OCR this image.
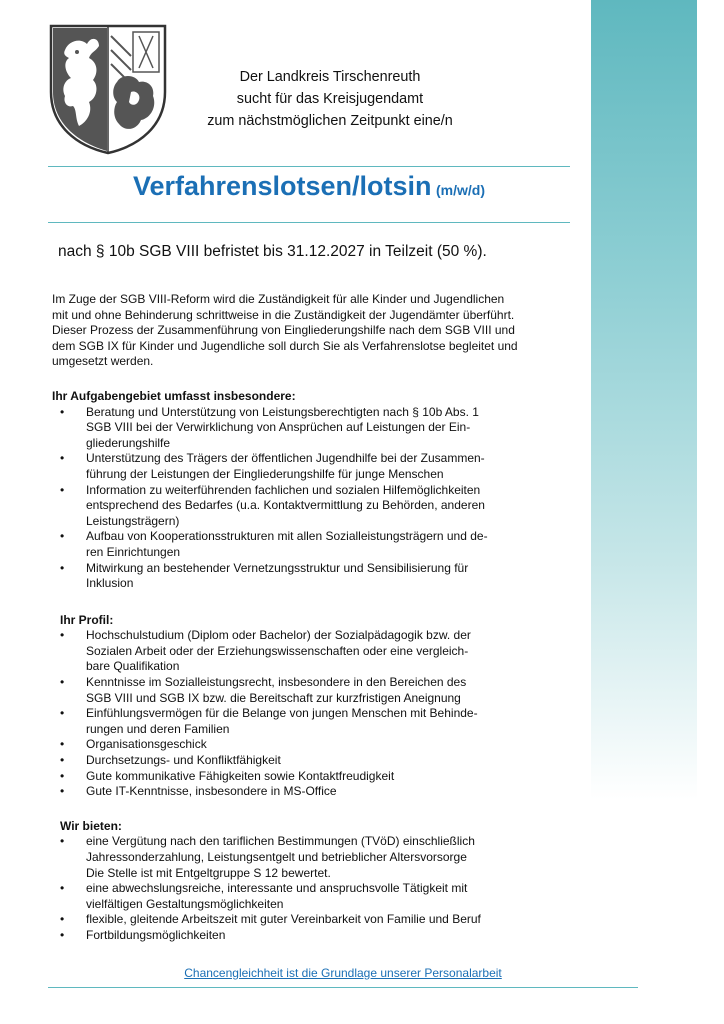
Der Landkreis Tirschenreuth
sucht für das Kreisjugendamt
zum nächstmöglichen Zeitpunkt eine/n
Verfahrenslotsen/lotsin (m/w/d)
nach § 10b SGB VIII befristet bis 31.12.2027 in Teilzeit (50 %).

Im Zuge der SGB VIII-Reform wird die Zuständigkeit für alle Kinder und Jugendlichen
mit und ohne Behinderung schrittweise in die Zuständigkeit der Jugendämter überführt.
Dieser Prozess der Zusammenführung von Eingliederungshilfe nach dem SGB VIII und
dem SGB IX für Kinder und Jugendliche soll durch Sie als Verfahrenslotse begleitet und
umgesetzt werden.

Ihr Aufgabengebiet umfasst insbesondere:
• Beratung und Unterstützung von Leistungsberechtigten nach § 10b Abs. 1
SGB VIII bei der Verwirklichung von Ansprüchen auf Leistungen der Ein-
gliederungshilfe
• Unterstützung des Trägers der öffentlichen Jugendhilfe bei der Zusammen-
führung der Leistungen der Eingliederungshilfe für junge Menschen
• Information zu weiterführenden fachlichen und sozialen Hilfemöglichkeiten
entsprechend des Bedarfes (u.a. Kontaktvermittlung zu Behörden, anderen
Leistungsträgern)
• Aufbau von Kooperationsstrukturen mit allen Sozialleistungsträgern und de-
ren Einrichtungen
• Mitwirkung an bestehender Vernetzungsstruktur und Sensibilisierung für
Inklusion
Ihr Profil:
• Hochschulstudium (Diplom oder Bachelor) der Sozialpädagogik bzw. der
Sozialen Arbeit oder der Erziehungswissenschaften oder eine vergleich-
bare Qualifikation
• Kenntnisse im Sozialleistungsrecht, insbesondere in den Bereichen des
SGB VIII und SGB IX bzw. die Bereitschaft zur kurzfristigen Aneignung
• Einfühlungsvermögen für die Belange von jungen Menschen mit Behinde-
rungen und deren Familien
• Organisationsgeschick
• Durchsetzungs- und Konfliktfähigkeit
• Gute kommunikative Fähigkeiten sowie Kontaktfreudigkeit
• Gute IT-Kenntnisse, insbesondere in MS-Office
Wir bieten:
• eine Vergütung nach den tariflichen Bestimmungen (TVöD) einschließlich
Jahressonderzahlung, Leistungsentgelt und betrieblicher Altersvorsorge
Die Stelle ist mit Entgeltgruppe S 12 bewertet.
• eine abwechslungsreiche, interessante und anspruchsvolle Tätigkeit mit
vielfältigen Gestaltungsmöglichkeiten
• flexible, gleitende Arbeitszeit mit guter Vereinbarkeit von Familie und Beruf
• Fortbildungsmöglichkeiten
Chancengleichheit ist die Grundlage unserer Personalarbeit
